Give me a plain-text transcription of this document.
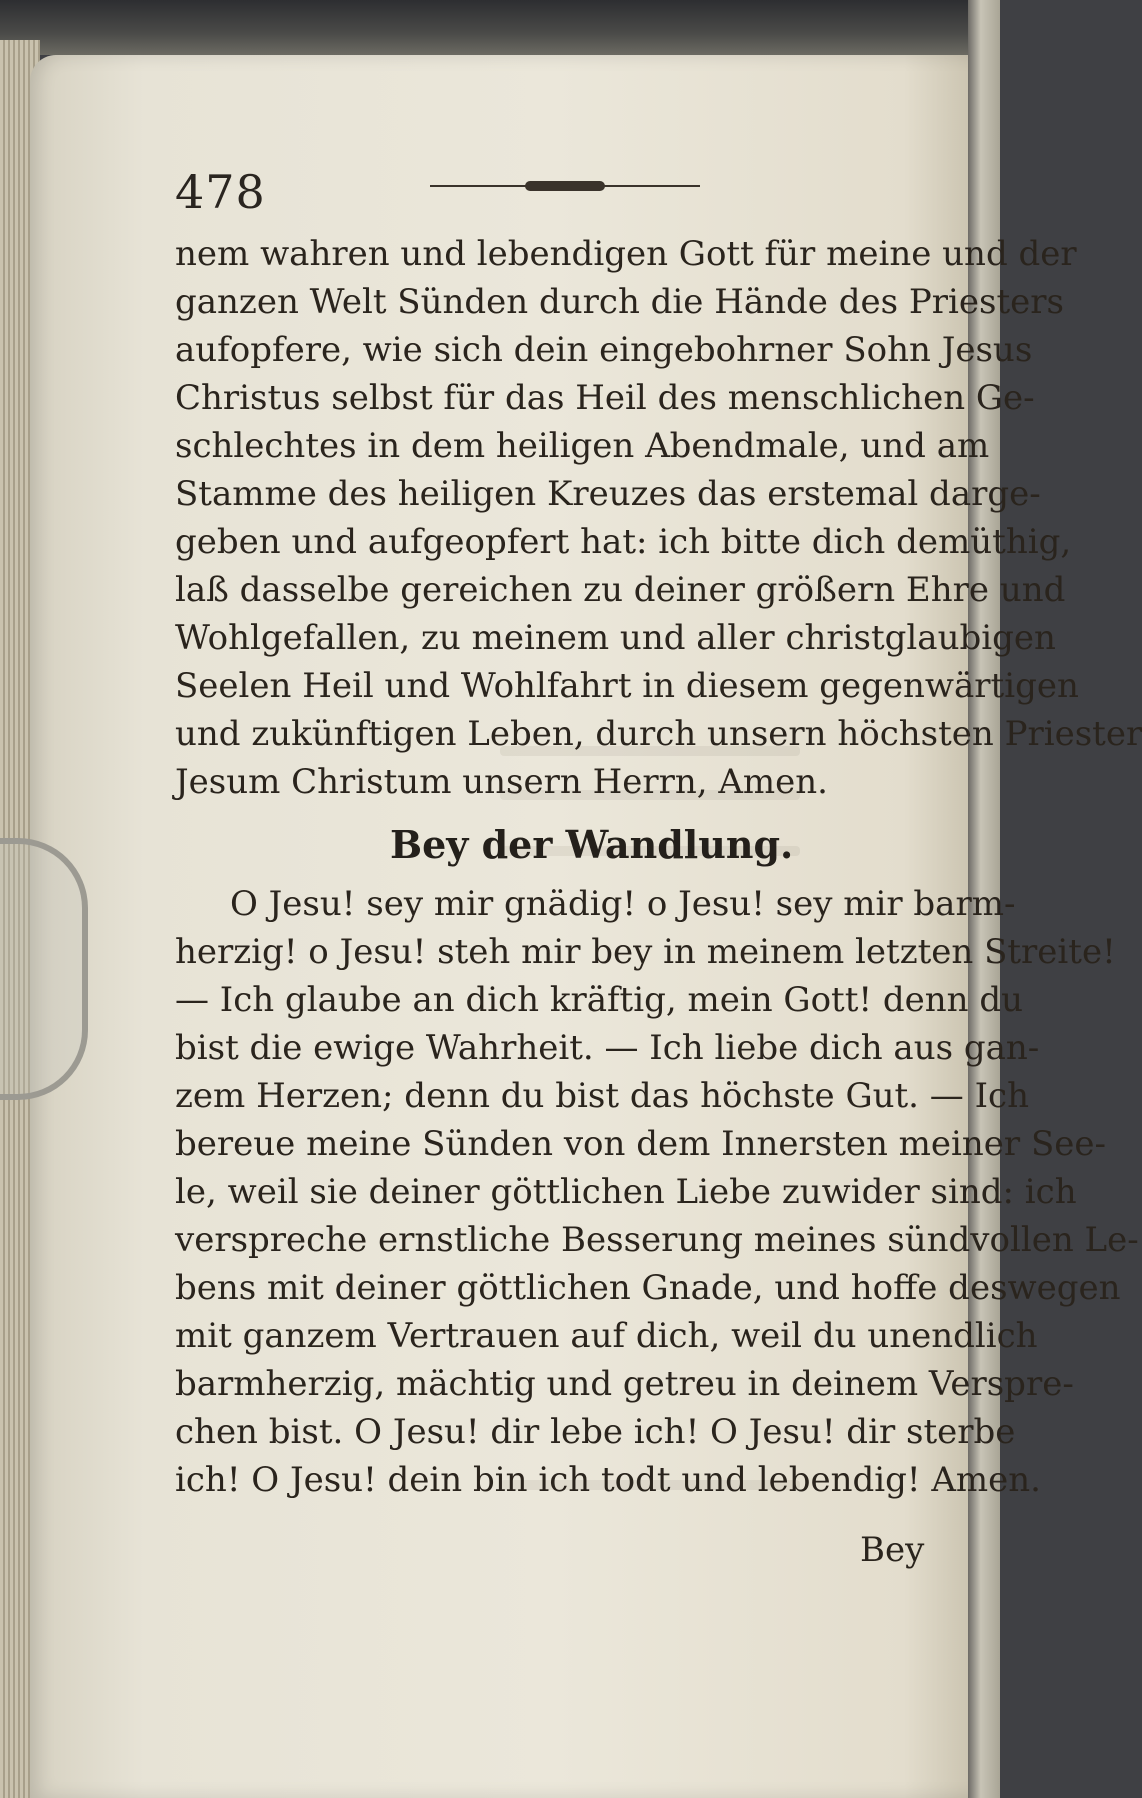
478
nem wahren und lebendigen Gott für meine und der
ganzen Welt Sünden durch die Hände des Priesters
aufopfere, wie sich dein eingebohrner Sohn Jesus
Christus selbst für das Heil des menschlichen Ge-
schlechtes in dem heiligen Abendmale, und am
Stamme des heiligen Kreuzes das erstemal darge-
geben und aufgeopfert hat: ich bitte dich demüthig,
laß dasselbe gereichen zu deiner größern Ehre und
Wohlgefallen, zu meinem und aller christglaubigen
Seelen Heil und Wohlfahrt in diesem gegenwärtigen
und zukünftigen Leben, durch unsern höchsten Priester
Jesum Christum unsern Herrn, Amen.
Bey der Wandlung.
O Jesu! sey mir gnädig! o Jesu! sey mir barm-
herzig! o Jesu! steh mir bey in meinem letzten Streite!
— Ich glaube an dich kräftig, mein Gott! denn du
bist die ewige Wahrheit. — Ich liebe dich aus gan-
zem Herzen; denn du bist das höchste Gut. — Ich
bereue meine Sünden von dem Innersten meiner See-
le, weil sie deiner göttlichen Liebe zuwider sind: ich
verspreche ernstliche Besserung meines sündvollen Le-
bens mit deiner göttlichen Gnade, und hoffe deswegen
mit ganzem Vertrauen auf dich, weil du unendlich
barmherzig, mächtig und getreu in deinem Verspre-
chen bist. O Jesu! dir lebe ich! O Jesu! dir sterbe
ich! O Jesu! dein bin ich todt und lebendig! Amen.
Bey
